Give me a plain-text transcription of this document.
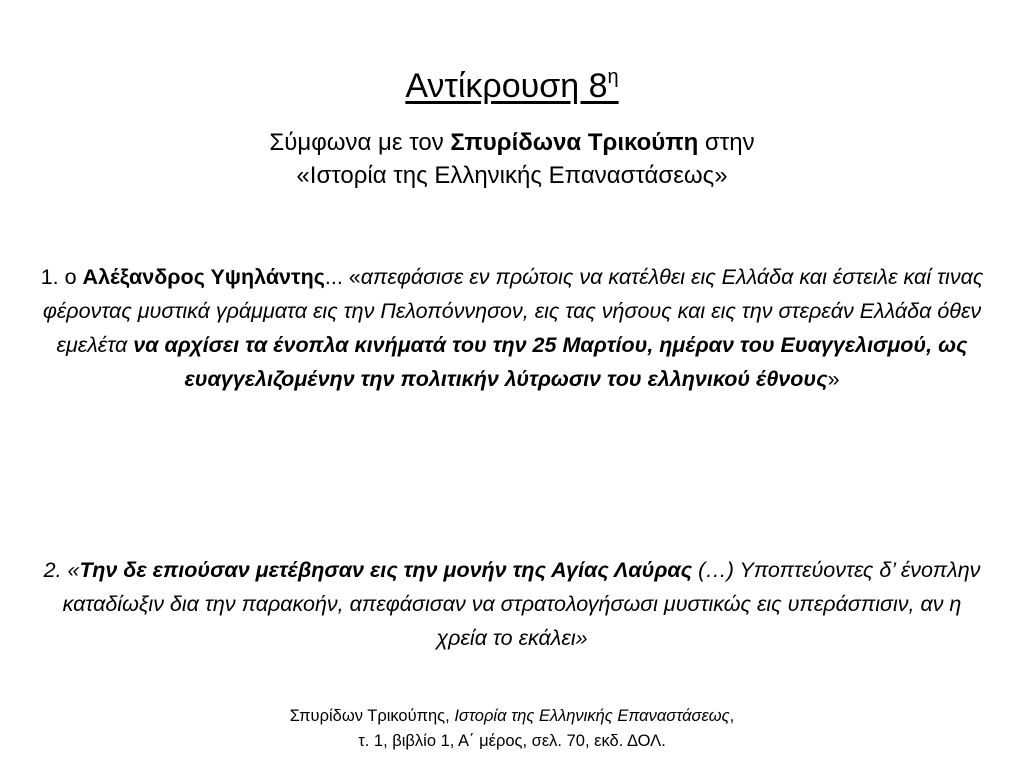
Αντίκρουση $8^\eta$
Σύμφωνα με τον Σπυρίδωνα Τρικούπη στην
«Ιστορία της Ελληνικής Επαναστάσεως»
1. ο Αλέξανδρος Υψηλάντης... «απεφάσισε εν πρώτοις να κατέλθει εις Ελλάδα και έστειλε καί τινας φέροντας μυστικά γράμματα εις την Πελοπόννησον, εις τας νήσους και εις την στερεάν Ελλάδα όθεν εμελέτα να αρχίσει τα ένοπλα κινήματά του την 25 Μαρτίου, ημέραν του Ευαγγελισμού, ως ευαγγελιζομένην την πολιτικήν λύτρωσιν του ελληνικού έθνους»
2. «Την δε επιούσαν μετέβησαν εις την μονήν της Αγίας Λαύρας (…) Υποπτεύοντες δ’ ένοπλην καταδίωξιν δια την παρακοήν, απεφάσισαν να στρατολογήσωσι μυστικώς εις υπεράσπισιν, αν η χρεία το εκάλει»
Σπυρίδων Τρικούπης, Ιστορία της Ελληνικής Επαναστάσεως,
τ. 1, βιβλίο 1, Α΄ μέρος, σελ. 70, εκδ. ΔΟΛ.
